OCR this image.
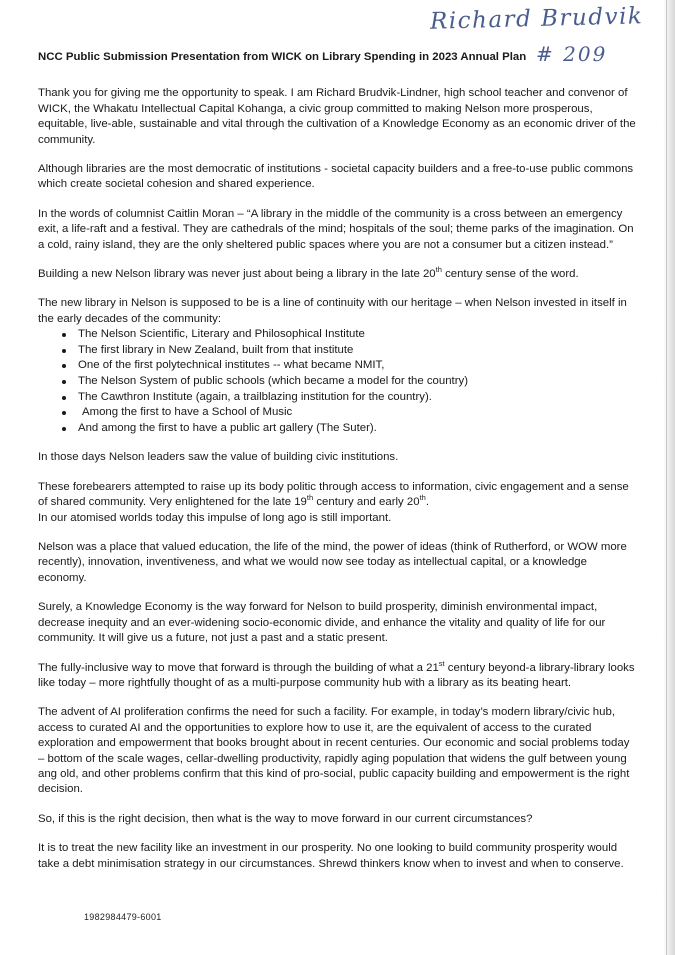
Richard Brudvik
# 209

NCC Public Submission Presentation from WICK on Library Spending in 2023 Annual Plan

Thank you for giving me the opportunity to speak. I am Richard Brudvik-Lindner, high school teacher and convenor of WICK, the Whakatu Intellectual Capital Kohanga, a civic group committed to making Nelson more prosperous, equitable, live-able, sustainable and vital through the cultivation of a Knowledge Economy as an economic driver of the community.

Although libraries are the most democratic of institutions - societal capacity builders and a free-to-use public commons which create societal cohesion and shared experience.

In the words of columnist Caitlin Moran – “A library in the middle of the community is a cross between an emergency exit, a life-raft and a festival. They are cathedrals of the mind; hospitals of the soul; theme parks of the imagination. On a cold, rainy island, they are the only sheltered public spaces where you are not a consumer but a citizen instead.”

Building a new Nelson library was never just about being a library in the late 20th century sense of the word.

The new library in Nelson is supposed to be is a line of continuity with our heritage – when Nelson invested in itself in the early decades of the community:

The Nelson Scientific, Literary and Philosophical Institute
The first library in New Zealand, built from that institute
One of the first polytechnical institutes -- what became NMIT,
The Nelson System of public schools (which became a model for the country)
The Cawthron Institute (again, a trailblazing institution for the country).
Among the first to have a School of Music
And among the first to have a public art gallery (The Suter).

In those days Nelson leaders saw the value of building civic institutions.

These forebearers attempted to raise up its body politic through access to information, civic engagement and a sense of shared community. Very enlightened for the late 19th century and early 20th.
In our atomised worlds today this impulse of long ago is still important.

Nelson was a place that valued education, the life of the mind, the power of ideas (think of Rutherford, or WOW more recently), innovation, inventiveness, and what we would now see today as intellectual capital, or a knowledge economy.

Surely, a Knowledge Economy is the way forward for Nelson to build prosperity, diminish environmental impact, decrease inequity and an ever-widening socio-economic divide, and enhance the vitality and quality of life for our community. It will give us a future, not just a past and a static present.

The fully-inclusive way to move that forward is through the building of what a 21st century beyond-a library-library looks like today – more rightfully thought of as a multi-purpose community hub with a library as its beating heart.

The advent of AI proliferation confirms the need for such a facility. For example, in today’s modern library/civic hub, access to curated AI and the opportunities to explore how to use it, are the equivalent of access to the curated exploration and empowerment that books brought about in recent centuries. Our economic and social problems today – bottom of the scale wages, cellar-dwelling productivity, rapidly aging population that widens the gulf between young ang old, and other problems confirm that this kind of pro-social, public capacity building and empowerment is the right decision.

So, if this is the right decision, then what is the way to move forward in our current circumstances?

It is to treat the new facility like an investment in our prosperity. No one looking to build community prosperity would take a debt minimisation strategy in our circumstances. Shrewd thinkers know when to invest and when to conserve.

1982984479-6001
